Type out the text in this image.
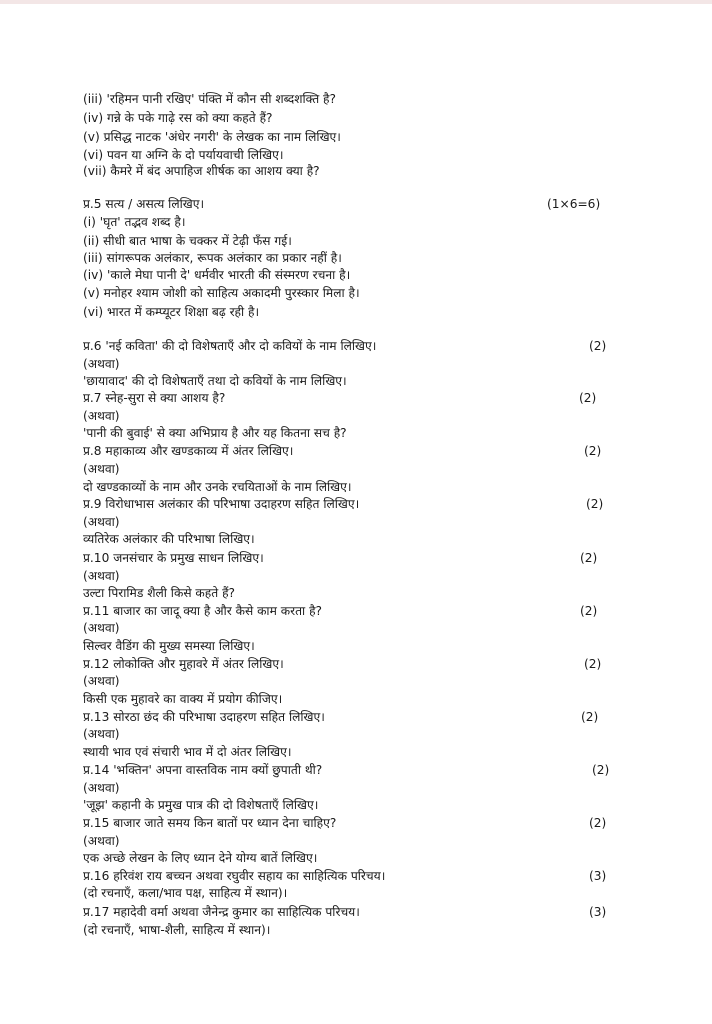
(iii) 'रहिमन पानी रखिए' पंक्ति में कौन सी शब्दशक्ति है?
(iv) गन्ने के पके गाढ़े रस को क्या कहते हैं?
(v) प्रसिद्ध नाटक 'अंधेर नगरी' के लेखक का नाम लिखिए।
(vi) पवन या अग्नि के दो पर्यायवाची लिखिए।
(vii) कैमरे में बंद अपाहिज शीर्षक का आशय क्या है?
प्र.5 सत्य / असत्य लिखिए।	(1×6=6)
(i) 'घृत' तद्भव शब्द है।
(ii) सीधी बात भाषा के चक्कर में टेढ़ी फँस गई।
(iii) सांगरूपक अलंकार, रूपक अलंकार का प्रकार नहीं है।
(iv) 'काले मेघा पानी दे' धर्मवीर भारती की संस्मरण रचना है।
(v) मनोहर श्याम जोशी को साहित्य अकादमी पुरस्कार मिला है।
(vi) भारत में कम्प्यूटर शिक्षा बढ़ रही है।
प्र.6 'नई कविता' की दो विशेषताएँ और दो कवियों के नाम लिखिए।	(2)
(अथवा)
'छायावाद' की दो विशेषताएँ तथा दो कवियों के नाम लिखिए।
प्र.7 स्नेह-सुरा से क्या आशय है?	(2)
(अथवा)
'पानी की बुवाई' से क्या अभिप्राय है और यह कितना सच है?
प्र.8 महाकाव्य और खण्डकाव्य में अंतर लिखिए।	(2)
(अथवा)
दो खण्डकाव्यों के नाम और उनके रचयिताओं के नाम लिखिए।
प्र.9 विरोधाभास अलंकार की परिभाषा उदाहरण सहित लिखिए।	(2)
(अथवा)
व्यतिरेक अलंकार की परिभाषा लिखिए।
प्र.10 जनसंचार के प्रमुख साधन लिखिए।	(2)
(अथवा)
उल्टा पिरामिड शैली किसे कहते हैं?
प्र.11 बाजार का जादू क्या है और कैसे काम करता है?	(2)
(अथवा)
सिल्वर वैडिंग की मुख्य समस्या लिखिए।
प्र.12 लोकोक्ति और मुहावरे में अंतर लिखिए।	(2)
(अथवा)
किसी एक मुहावरे का वाक्य में प्रयोग कीजिए।
प्र.13 सोरठा छंद की परिभाषा उदाहरण सहित लिखिए।	(2)
(अथवा)
स्थायी भाव एवं संचारी भाव में दो अंतर लिखिए।
प्र.14 'भक्तिन' अपना वास्तविक नाम क्यों छुपाती थी?	(2)
(अथवा)
'जूझ' कहानी के प्रमुख पात्र की दो विशेषताएँ लिखिए।
प्र.15 बाजार जाते समय किन बातों पर ध्यान देना चाहिए?	(2)
(अथवा)
एक अच्छे लेखन के लिए ध्यान देने योग्य बातें लिखिए।
प्र.16 हरिवंश राय बच्चन अथवा रघुवीर सहाय का साहित्यिक परिचय।	(3)
(दो रचनाएँ, कला/भाव पक्ष, साहित्य में स्थान)।
प्र.17 महादेवी वर्मा अथवा जैनेन्द्र कुमार का साहित्यिक परिचय।	(3)
(दो रचनाएँ, भाषा-शैली, साहित्य में स्थान)।
